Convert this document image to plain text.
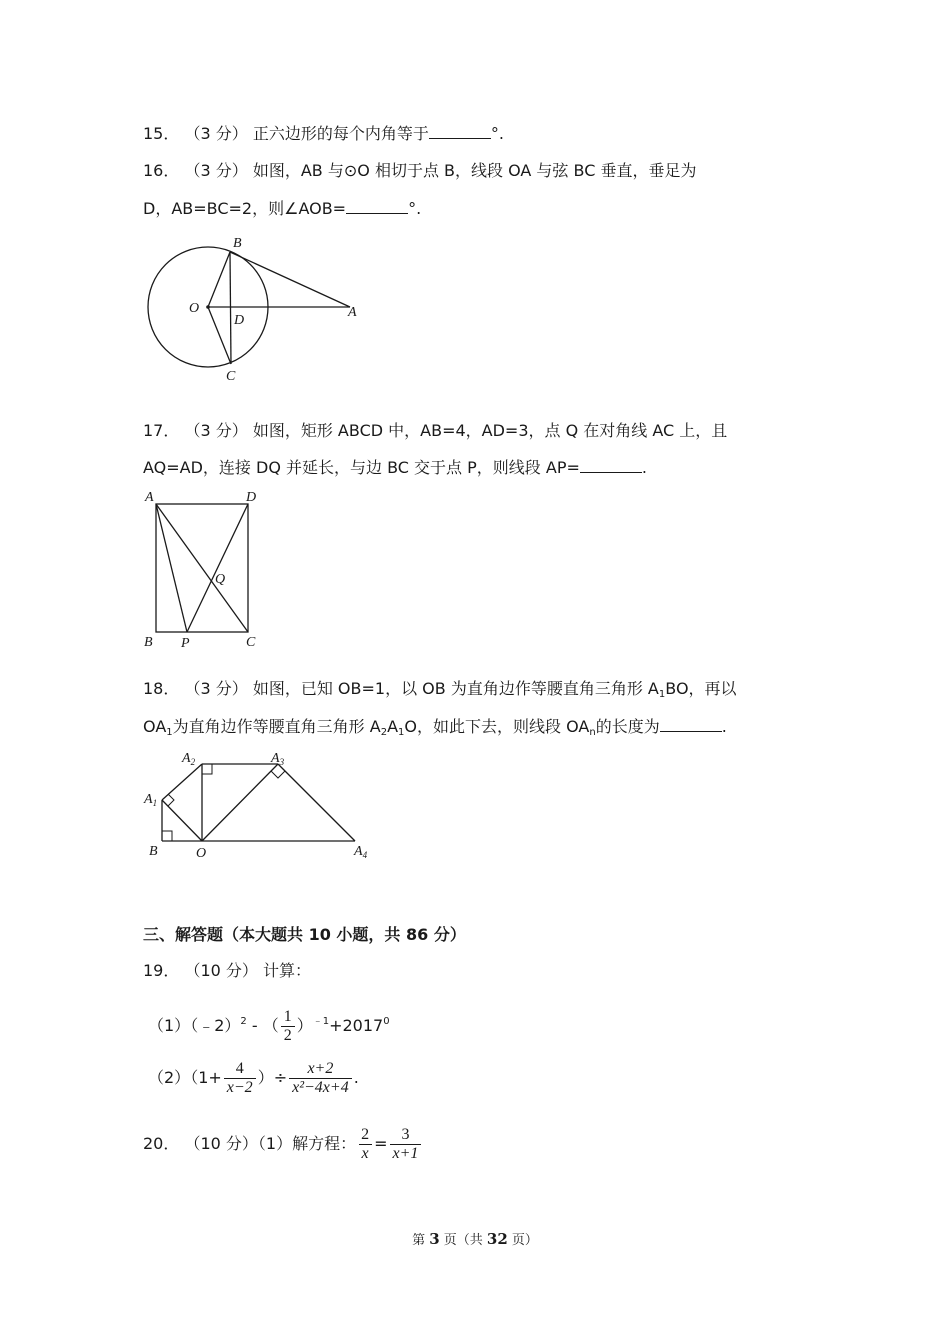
15． （3 分） 正六边形的每个内角等于	°.
16． （3 分） 如图，AB 与⊙O 相切于点 B，线段 OA 与弦 BC 垂直，垂足为
D，AB=BC=2，则∠AOB=	°.
B
O
D
A
C
17． （3 分） 如图，矩形 ABCD 中，AB=4，AD=3，点 Q 在对角线 AC 上，且
AQ=AD，连接 DQ 并延长，与边 BC 交于点 P，则线段 AP=	.
A	D
Q
B P	C
18． （3 分） 如图，已知 OB=1，以 OB 为直角边作等腰直角三角形 $A_1BO$，再以
$OA_1$为直角边作等腰直角三角形 $A_2A_1O$，如此下去，则线段 $OA_n$的长度为	.
$A_1$
$A_2$	$A_3$
$A_4$
B	O
三、解答题（本大题共 10 小题，共 86 分）
19． （10 分） 计算：
（1）（﹣2）$^2$ - （ $\frac{1}{2} )^{﹣1}+2017^0$
$(2)(1+ \frac{4}{x-2}$ ）÷ $\frac{x+2}{\text{x²−4x+4}}$ .
20． （10 分）（1）解方程： $\frac{2}{x} = \frac{3}{x+1}$
第 3 页（共 32 页）
